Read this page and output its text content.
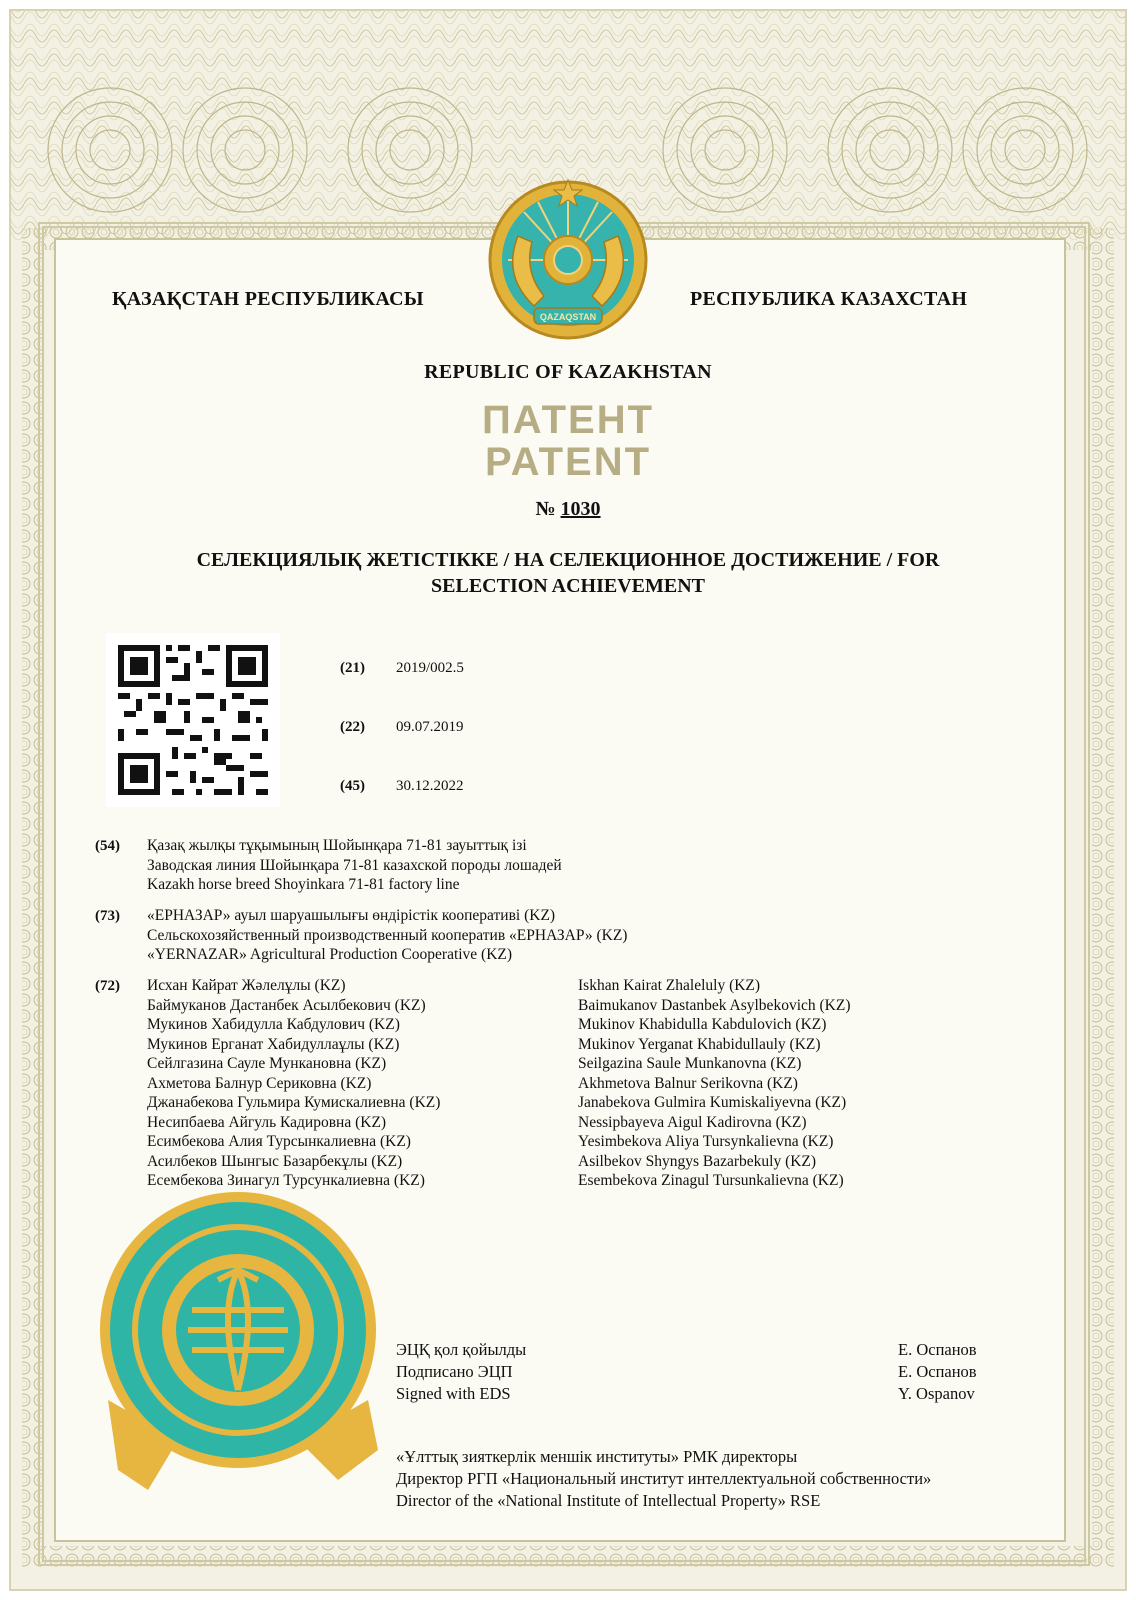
QAZAQSTAN
ҚАЗАҚСТАН РЕСПУБЛИКАСЫ	РЕСПУБЛИКА КАЗАХСТАН
REPUBLIC OF KAZAKHSTAN
ПАТЕНТ
PATENT
№ 1030
СЕЛЕКЦИЯЛЫҚ ЖЕТІСТІККЕ / НА СЕЛЕКЦИОННОЕ ДОСТИЖЕНИЕ / FOR
SELECTION ACHIEVEMENT
(21) 2019/002.5
(22) 09.07.2019
(45) 30.12.2022
(54) Қазақ жылқы тұқымының Шойынқара 71-81 зауыттық ізі
Заводская линия Шойынқара 71-81 казахской породы лошадей
Kazakh horse breed Shoyinkara 71-81 factory line
(73) «ЕРНАЗАР» ауыл шаруашылығы өндірістік кооперативі (KZ)
Сельскохозяйственный производственный кооператив «ЕРНАЗАР» (KZ)
«YERNAZAR» Agricultural Production Cooperative (KZ)
(72) Исхан Кайрат Жәлелұлы (KZ)
Баймуканов Дастанбек Асылбекович (KZ)
Мукинов Хабидулла Кабдулович (KZ)
Мукинов Ерганат Хабидуллаұлы (KZ)
Сейлгазина Сауле Мункановна (KZ)
Ахметова Балнур Сериковна (KZ)
Джанабекова Гульмира Кумискалиевна (KZ)
Несипбаева Айгуль Кадировна (KZ)
Есимбекова Алия Турсынкалиевна (KZ)
Асилбеков Шынгыс Базарбекұлы (KZ)
Есембекова Зинагул Турсункалиевна (KZ)
Iskhan Kairat Zhaleluly (KZ)
Baimukanov Dastanbek Asylbekovich (KZ)
Mukinov Khabidulla Kabdulovich (KZ)
Mukinov Yerganat Khabidullauly (KZ)
Seilgazina Saule Munkanovna (KZ)
Akhmetova Balnur Serikovna (KZ)
Janabekova Gulmira Kumiskaliyevna (KZ)
Nessipbayeva Aigul Kadirovna (KZ)
Yesimbekova Aliya Tursynkalievna (KZ)
Asilbekov Shyngys Bazarbekuly (KZ)
Esembekova Zinagul Tursunkalievna (KZ)
ЭЦҚ қол қойылды
Подписано ЭЦП
Signed with EDS
Е. Оспанов
Е. Оспанов
Y. Ospanov
«Ұлттық зияткерлік меншік институты» РМК директоры
Директор РГП «Национальный институт интеллектуальной собственности»
Director of the «National Institute of Intellectual Property» RSE
